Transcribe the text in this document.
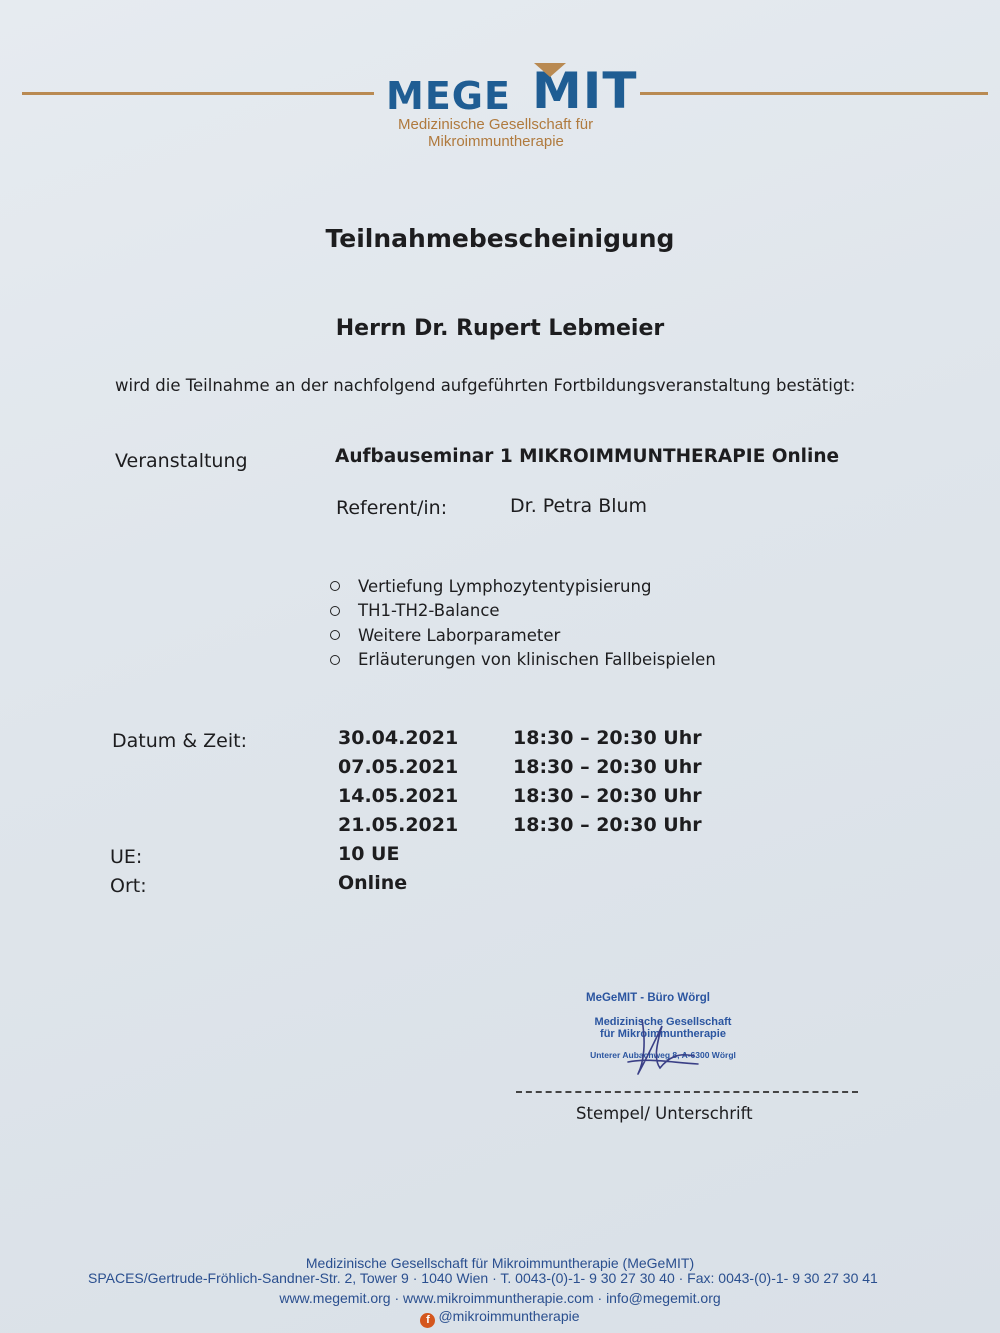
MEGE MIT
Medizinische Gesellschaft für
Mikroimmuntherapie
Teilnahmebescheinigung
Herrn Dr. Rupert Lebmeier
wird die Teilnahme an der nachfolgend aufgeführten Fortbildungsveranstaltung bestätigt:
Veranstaltung	Aufbauseminar 1 MIKROIMMUNTHERAPIE Online
Referent/in:	Dr. Petra Blum
Vertiefung Lymphozytentypisierung
TH1-TH2-Balance
Weitere Laborparameter
Erläuterungen von klinischen Fallbeispielen
Datum & Zeit:	30.04.2021	18:30 – 20:30 Uhr
07.05.2021	18:30 – 20:30 Uhr
14.05.2021	18:30 – 20:30 Uhr
21.05.2021	18:30 – 20:30 Uhr
UE:	10 UE
Ort:	Online
MeGeMIT - Büro Wörgl
Medizinische Gesellschaft
für Mikroimmuntherapie
Unterer Aubachweg 8, A-6300 Wörgl
Stempel/ Unterschrift
Medizinische Gesellschaft für Mikroimmuntherapie (MeGeMIT)
SPACES/Gertrude-Fröhlich-Sandner-Str. 2, Tower 9 · 1040 Wien · T. 0043-(0)-1- 9 30 27 30 40 · Fax: 0043-(0)-1- 9 30 27 30 41
www.megemit.org · www.mikroimmuntherapie.com · info@megemit.org
f @mikroimmuntherapie
